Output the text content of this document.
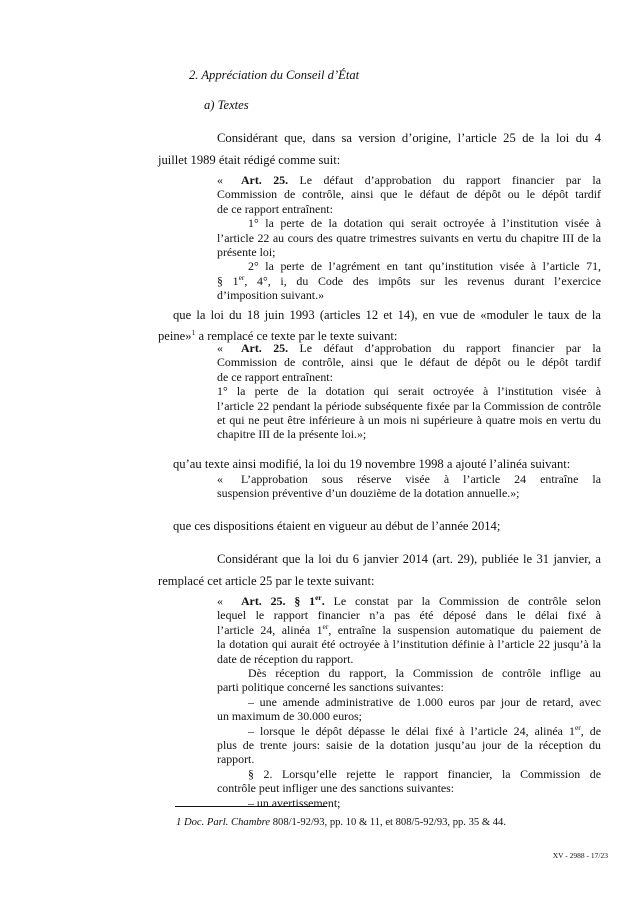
2. Appréciation du Conseil d’État
a) Textes
Considérant que, dans sa version d’origine, l’article 25 de la loi du 4
juillet 1989 était rédigé comme suit:
« Art. 25. Le défaut d’approbation du rapport financier par la
Commission de contrôle, ainsi que le défaut de dépôt ou le dépôt tardif
de ce rapport entraînent:
1° la perte de la dotation qui serait octroyée à l’institution visée à
l’article 22 au cours des quatre trimestres suivants en vertu du chapitre III de la présente loi;
2° la perte de l’agrément en tant qu’institution visée à l’article 71,
§ 1er, 4°, i, du Code des impôts sur les revenus durant l’exercice
d’imposition suivant.»
que la loi du 18 juin 1993 (articles 12 et 14), en vue de «moduler le taux de la
peine»$^1$ a remplacé ce texte par le texte suivant:
« Art. 25. Le défaut d’approbation du rapport financier par la
Commission de contrôle, ainsi que le défaut de dépôt ou le dépôt tardif
de ce rapport entraînent:
1° la perte de la dotation qui serait octroyée à l’institution visée à
l’article 22 pendant la période subséquente fixée par la Commission de contrôle et qui ne peut être inférieure à un mois ni supérieure à quatre mois en vertu du chapitre III de la présente loi.»;
qu’au texte ainsi modifié, la loi du 19 novembre 1998 a ajouté l’alinéa suivant:
« L’approbation sous réserve visée à l’article 24 entraîne la
suspension préventive d’un douzième de la dotation annuelle.»;
que ces dispositions étaient en vigueur au début de l’année 2014;
Considérant que la loi du 6 janvier 2014 (art. 29), publiée le 31 janvier, a
remplacé cet article 25 par le texte suivant:
« Art. 25. § 1er. Le constat par la Commission de contrôle selon
lequel le rapport financier n’a pas été déposé dans le délai fixé à
l’article 24, alinéa 1er, entraîne la suspension automatique du paiement de
la dotation qui aurait été octroyée à l’institution définie à l’article 22 jusqu’à la date de réception du rapport.
Dès réception du rapport, la Commission de contrôle inflige au
parti politique concerné les sanctions suivantes:
– une amende administrative de 1.000 euros par jour de retard, avec
un maximum de 30.000 euros;
– lorsque le dépôt dépasse le délai fixé à l’article 24, alinéa 1er, de
plus de trente jours: saisie de la dotation jusqu’au jour de la réception du rapport.
§ 2. Lorsqu’elle rejette le rapport financier, la Commission de
contrôle peut infliger une des sanctions suivantes:
– un avertissement;
1 Doc. Parl. Chambre 808/1-92/93, pp. 10 & 11, et 808/5-92/93, pp. 35 & 44.
XV - 2988 - 17/23
